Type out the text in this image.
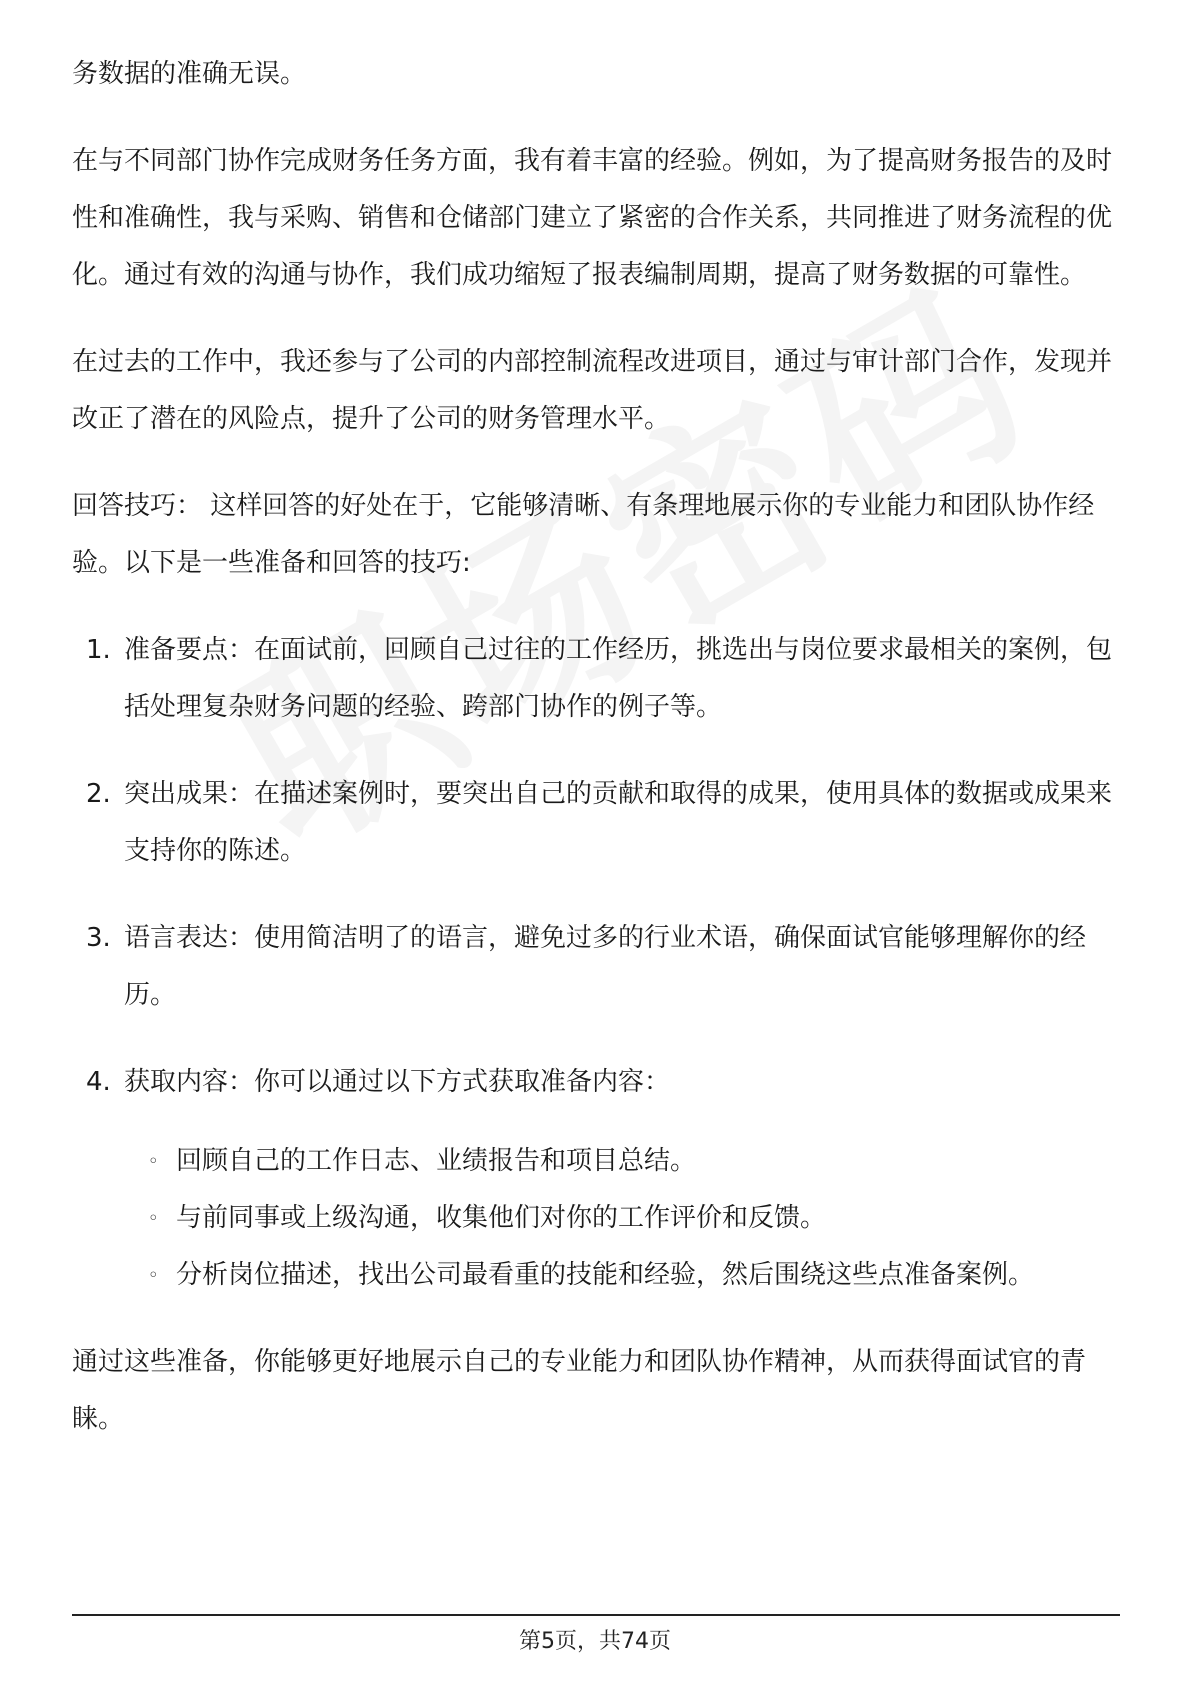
务数据的准确无误。

在与不同部门协作完成财务任务方面，我有着丰富的经验。例如，为了提高财务报告的及时性和准确性，我与采购、销售和仓储部门建立了紧密的合作关系，共同推进了财务流程的优化。通过有效的沟通与协作，我们成功缩短了报表编制周期，提高了财务数据的可靠性。

在过去的工作中，我还参与了公司的内部控制流程改进项目，通过与审计部门合作，发现并改正了潜在的风险点，提升了公司的财务管理水平。

回答技巧： 这样回答的好处在于，它能够清晰、有条理地展示你的专业能力和团队协作经验。以下是一些准备和回答的技巧:

1. 准备要点：在面试前，回顾自己过往的工作经历，挑选出与岗位要求最相关的案例，包括处理复杂财务问题的经验、跨部门协作的例子等。
2. 突出成果：在描述案例时，要突出自己的贡献和取得的成果，使用具体的数据或成果来支持你的陈述。
3. 语言表达：使用简洁明了的语言，避免过多的行业术语，确保面试官能够理解你的经历。
4. 获取内容：你可以通过以下方式获取准备内容：
◦ 回顾自己的工作日志、业绩报告和项目总结。
◦ 与前同事或上级沟通，收集他们对你的工作评价和反馈。
◦ 分析岗位描述，找出公司最看重的技能和经验，然后围绕这些点准备案例。

通过这些准备，你能够更好地展示自己的专业能力和团队协作精神，从而获得面试官的青睐。

第5页，共74页
